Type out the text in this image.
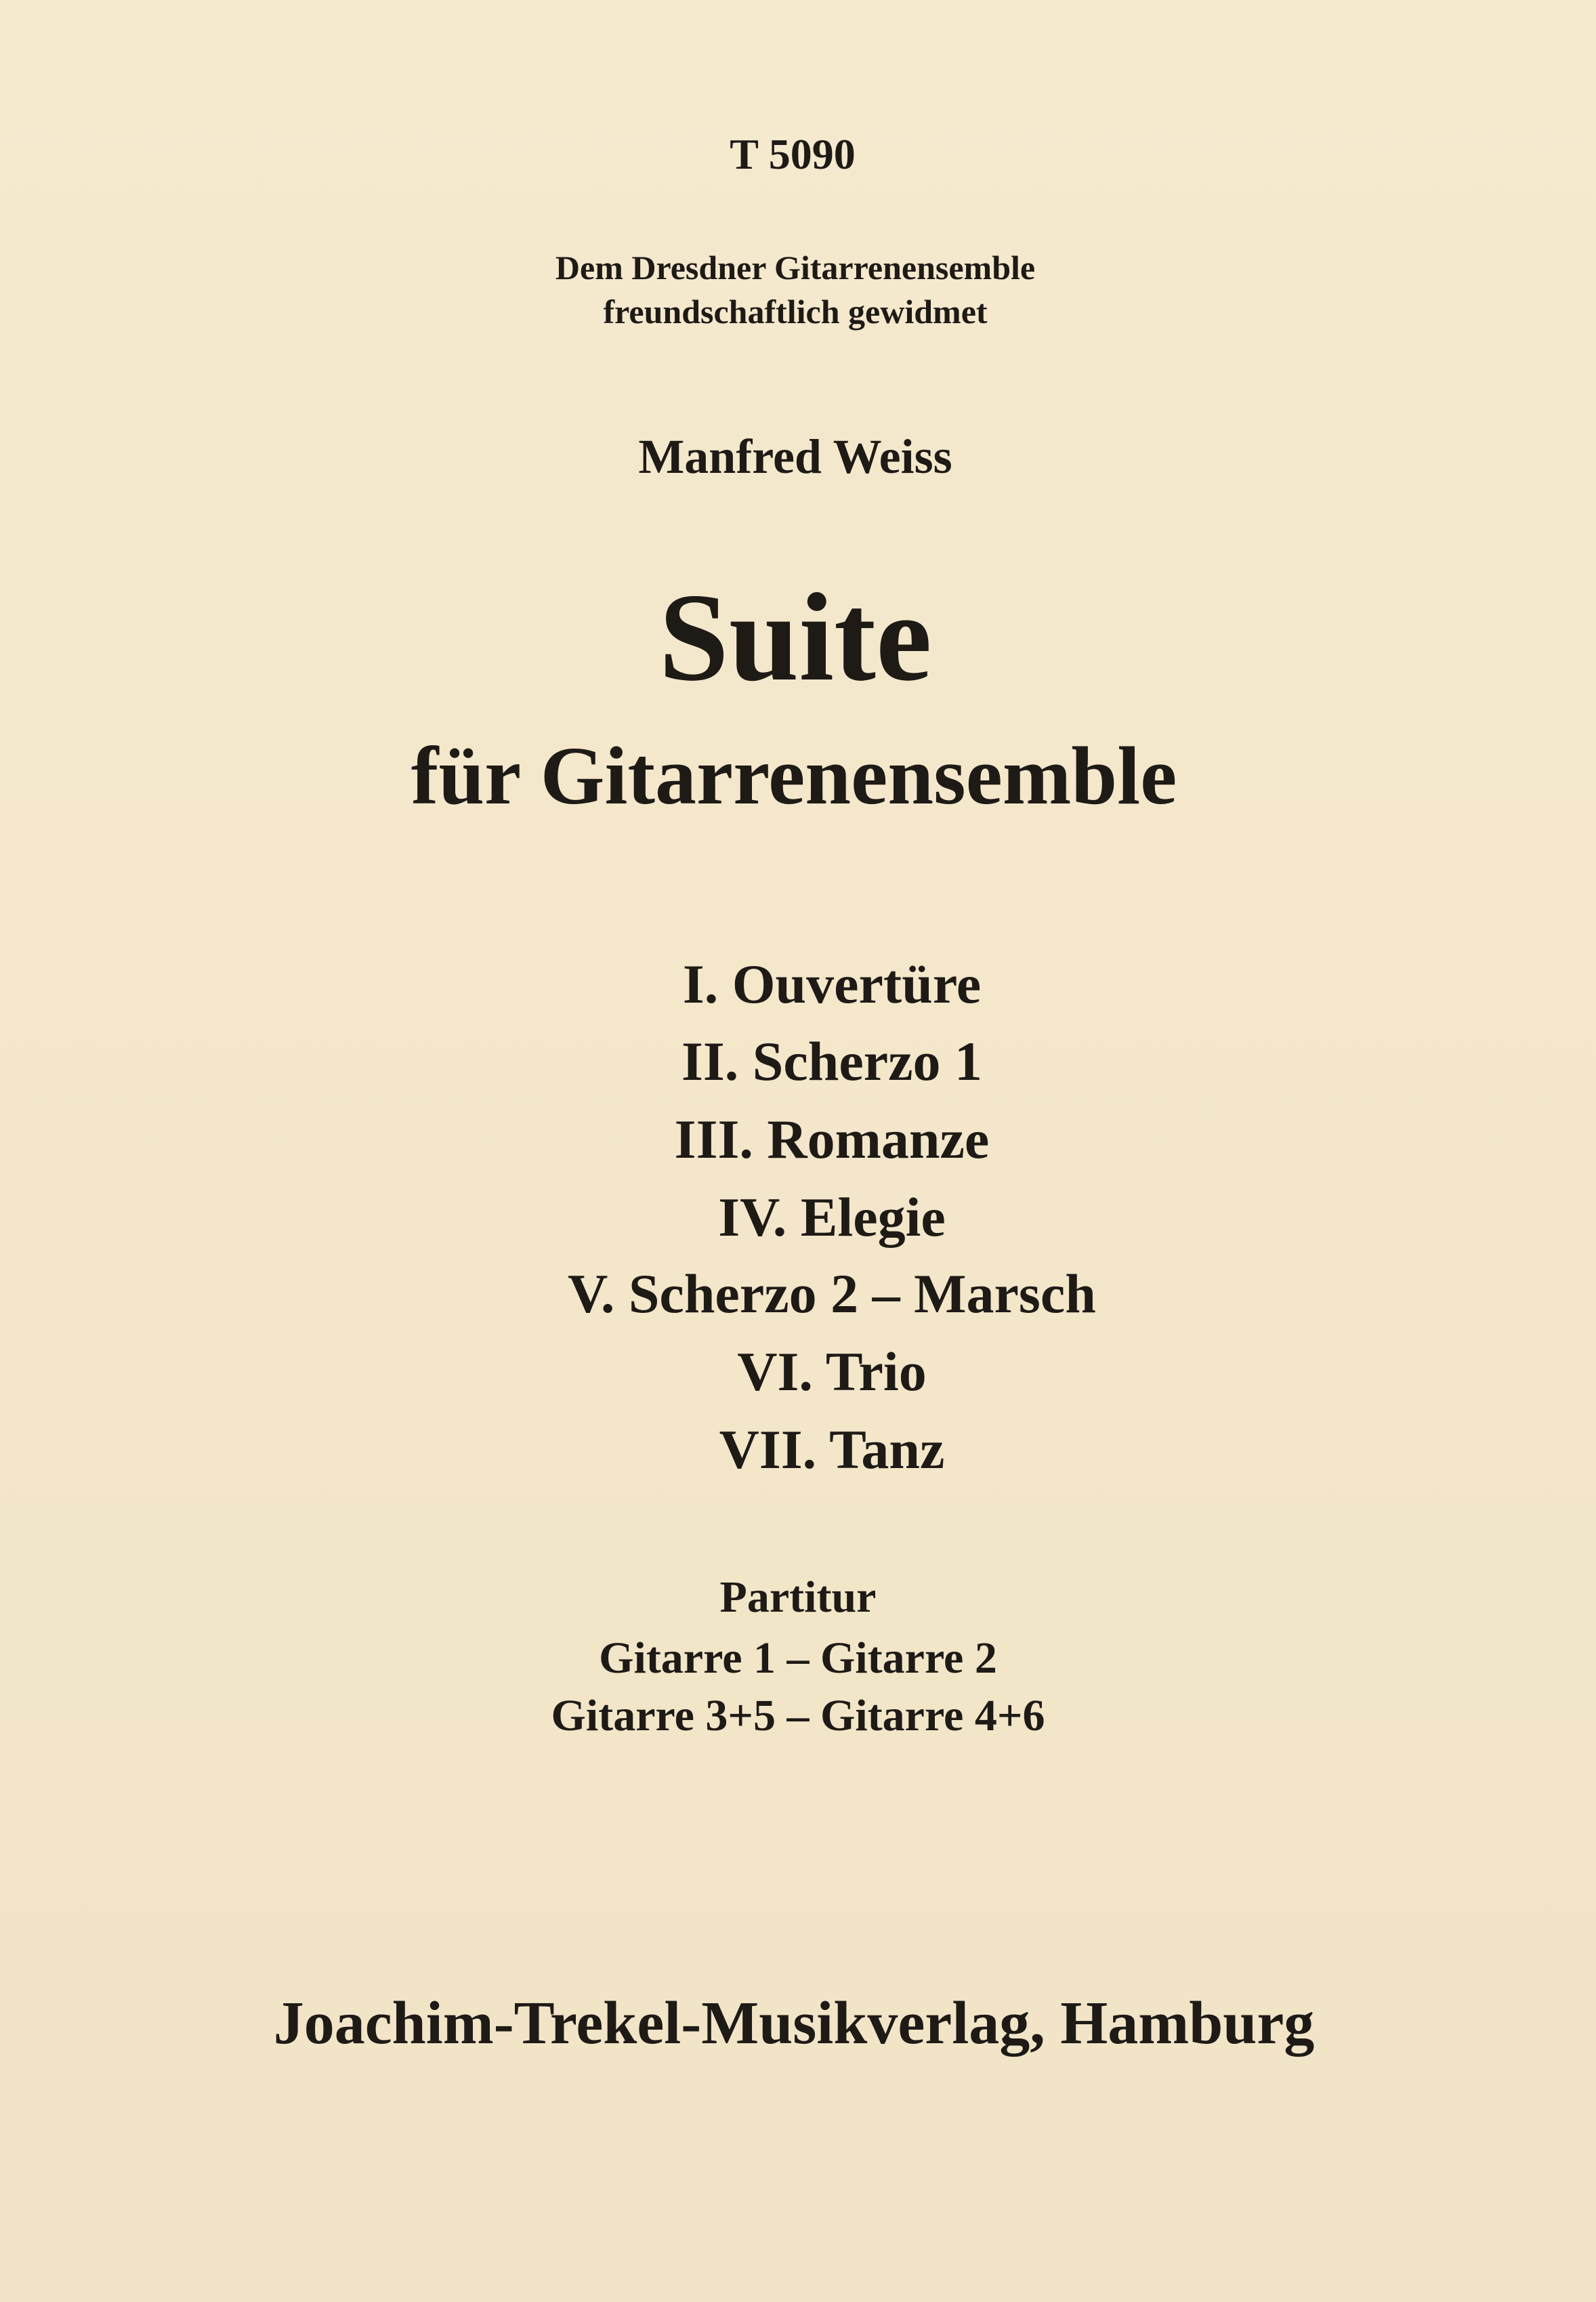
T 5090
Dem Dresdner Gitarrenensemble
freundschaftlich gewidmet
Manfred Weiss
Suite
für Gitarrenensemble
I. Ouvertüre
II. Scherzo 1
III. Romanze
IV. Elegie
V. Scherzo 2 – Marsch
VI. Trio
VII. Tanz
Partitur
Gitarre 1 – Gitarre 2
Gitarre 3+5 – Gitarre 4+6
Joachim-Trekel-Musikverlag, Hamburg
